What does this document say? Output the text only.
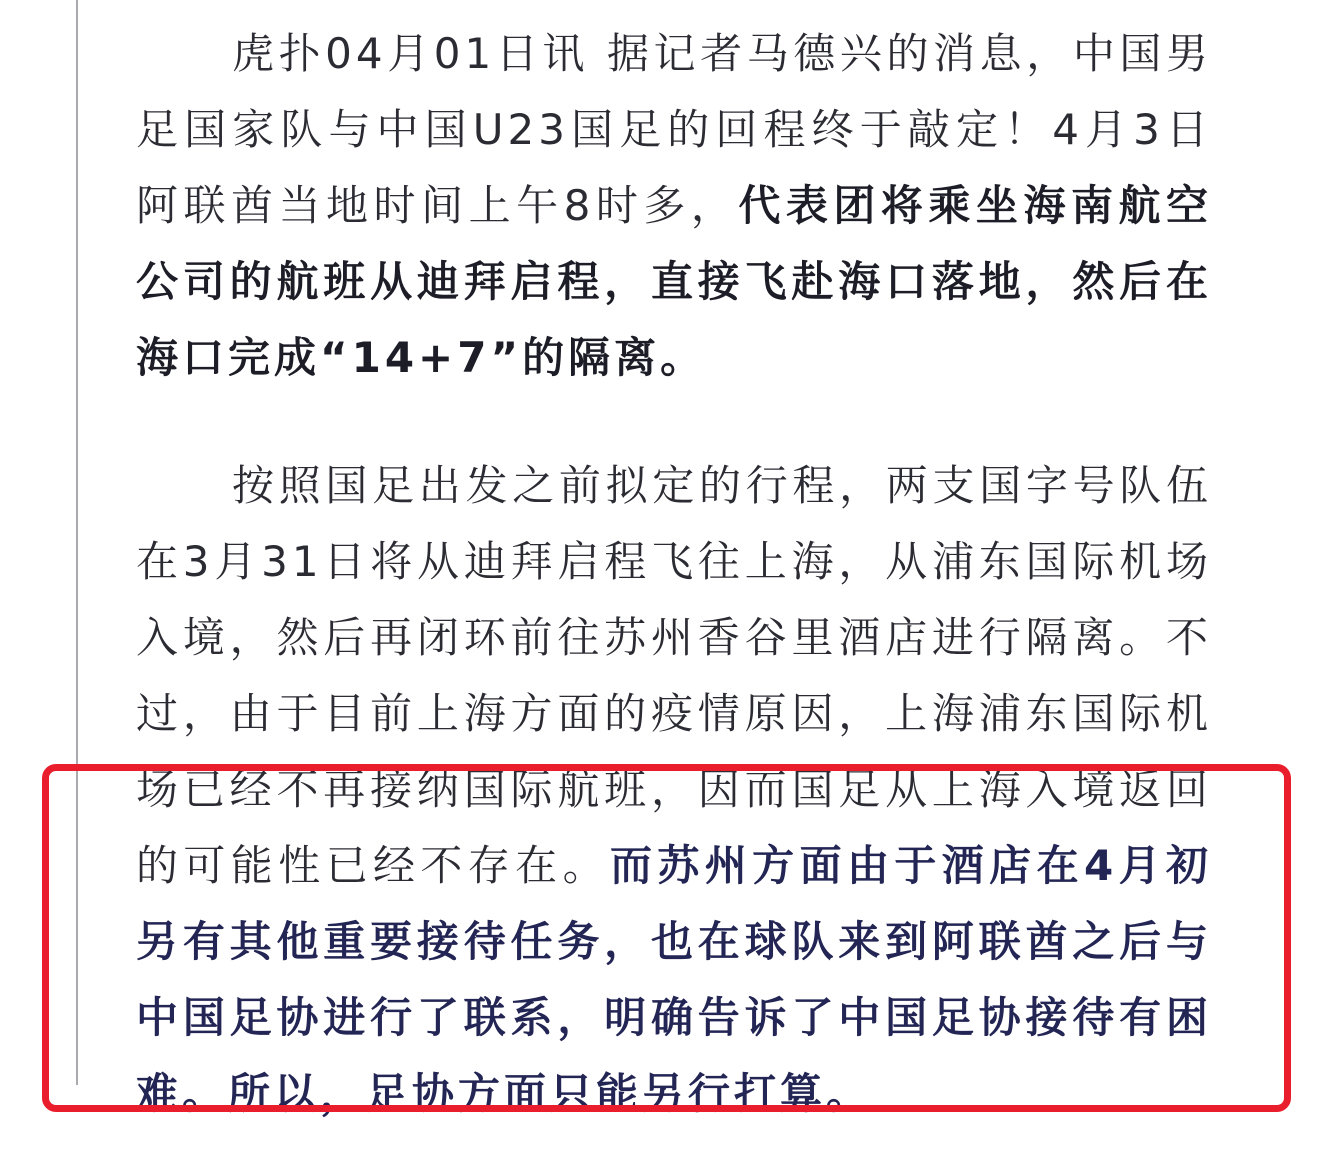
虎扑04月01日讯 据记者马德兴的消息，中国男足国家队与中国U23国足的回程终于敲定！4月3日阿联酋当地时间上午8时多，代表团将乘坐海南航空公司的航班从迪拜启程，直接飞赴海口落地，然后在海口完成“14+7”的隔离。

按照国足出发之前拟定的行程，两支国字号队伍在3月31日将从迪拜启程飞往上海，从浦东国际机场入境，然后再闭环前往苏州香谷里酒店进行隔离。不过，由于目前上海方面的疫情原因，上海浦东国际机场已经不再接纳国际航班，因而国足从上海入境返回的可能性已经不存在。而苏州方面由于酒店在4月初另有其他重要接待任务，也在球队来到阿联酋之后与中国足协进行了联系，明确告诉了中国足协接待有困难。所以，足协方面只能另行打算。
